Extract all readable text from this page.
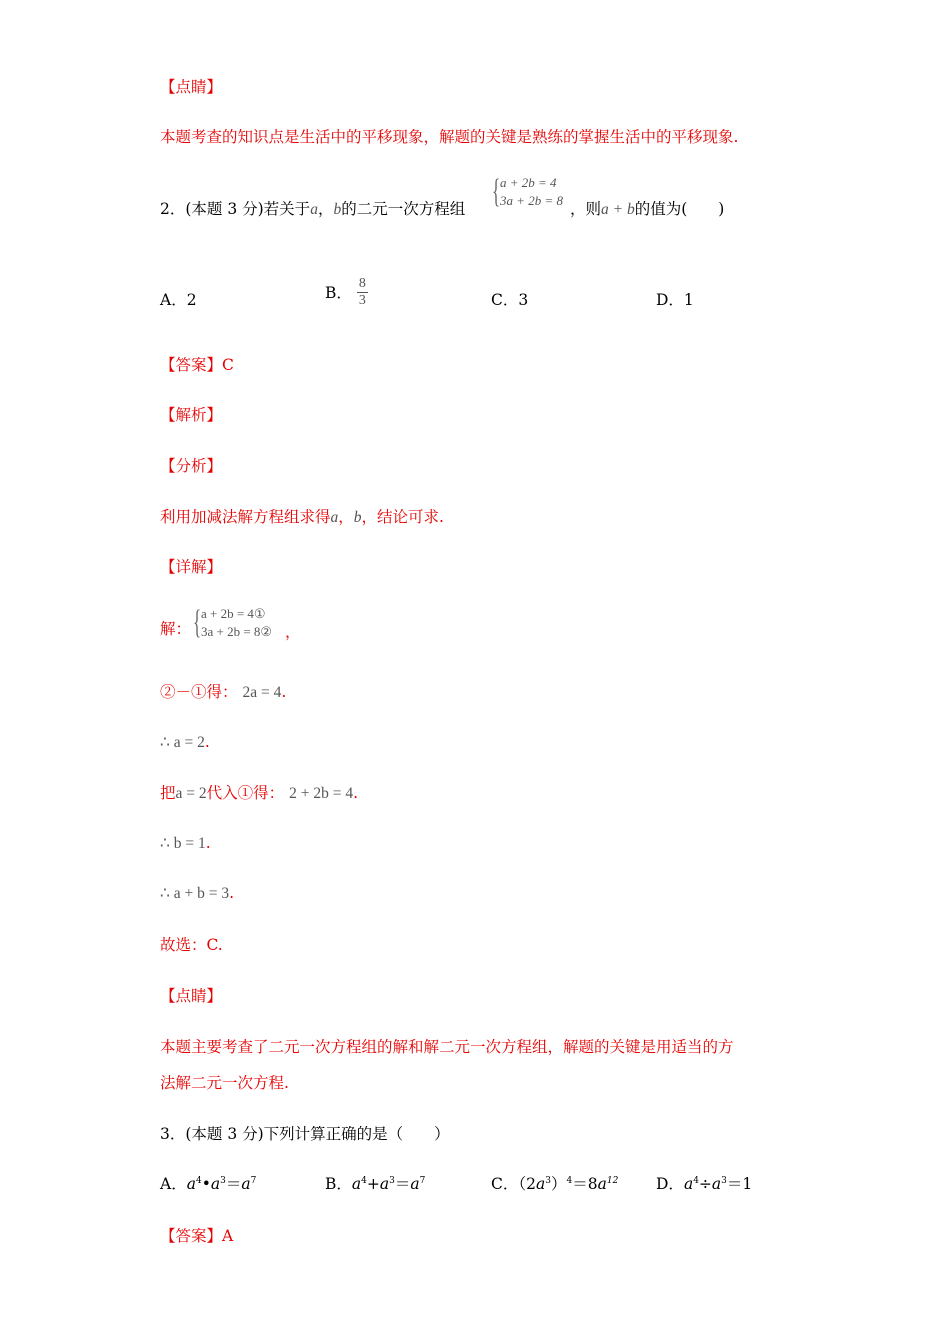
【点睛】
本题考查的知识点是生活中的平移现象，解题的关键是熟练的掌握生活中的平移现象.
2．(本题 3 分)若关于a，b的二元一次方程组 { a + 2b = 4
3a + 2b = 8 ，则a + b的值为(　　)
A．2	B． $\frac{8}{3}$	C．3	D．1
【答案】C
【解析】
【分析】
利用加减法解方程组求得a，b，结论可求.
【详解】
解： { a + 2b = 4①
3a + 2b = 8② ，
②－①得： 2a = 4.
∴ a = 2.
把a = 2代入①得： 2 + 2b = 4.
∴ b = 1.
∴ a + b = 3.
故选：C.
【点睛】
本题主要考查了二元一次方程组的解和解二元一次方程组，解题的关键是用适当的方
法解二元一次方程.
3．(本题 3 分)下列计算正确的是（　　）
A．$a^4•a^3=a^7$	B．$a^4+a^3=a^7$	C．$(2a^3)^4=8a^{12}$ D．$a^4\div a^3=1$
【答案】A
